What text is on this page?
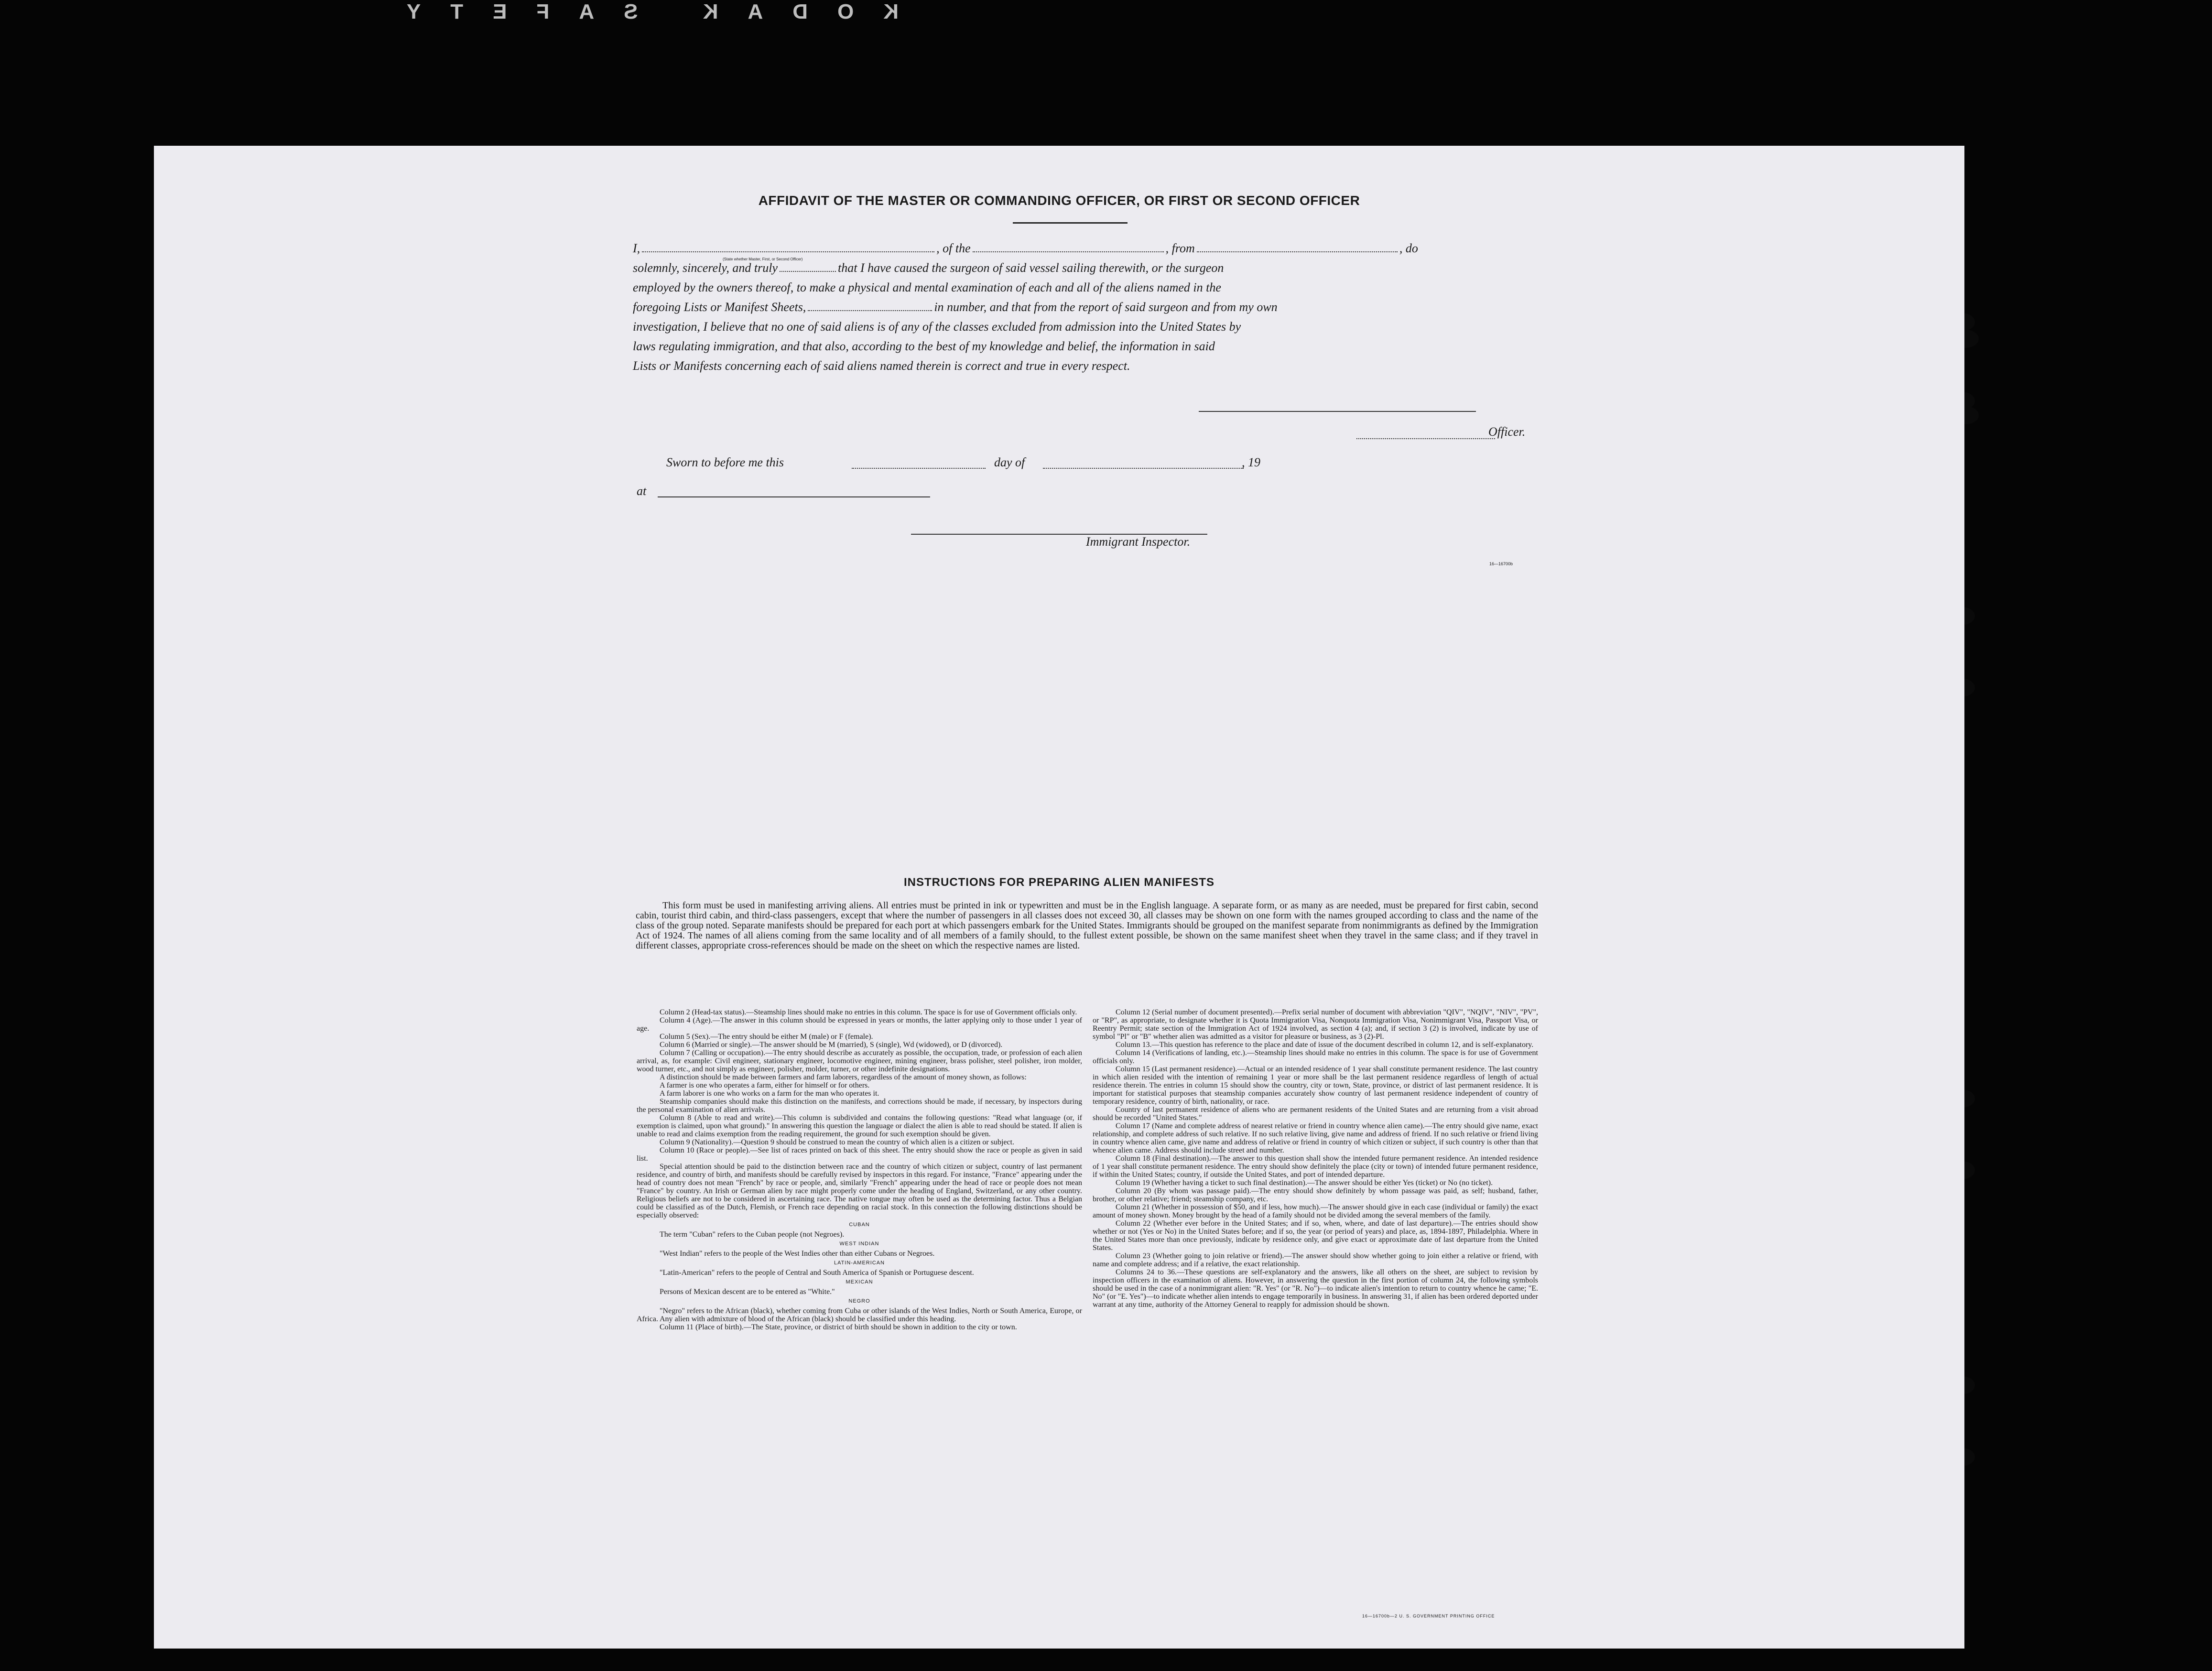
KODAK SAFETY
AFFIDAVIT OF THE MASTER OR COMMANDING OFFICER, OR FIRST OR SECOND OFFICER
I,	, of the	, from	, do
(State whether Master, First, or Second Officer)
solemnly, sincerely, and truly	that I have caused the surgeon of said vessel sailing therewith, or the surgeon
employed by the owners thereof, to make a physical and mental examination of each and all of the aliens named in the
foregoing Lists or Manifest Sheets,	in number, and that from the report of said surgeon and from my own
investigation, I believe that no one of said aliens is of any of the classes excluded from admission into the United States by
laws regulating immigration, and that also, according to the best of my knowledge and belief, the information in said
Lists or Manifests concerning each of said aliens named therein is correct and true in every respect.
Officer.
Sworn to before me this	day of	, 19
at
Immigrant Inspector.
16—16700b
INSTRUCTIONS FOR PREPARING ALIEN MANIFESTS
This form must be used in manifesting arriving aliens. All entries must be printed in ink or typewritten and must be in the English language. A separate form, or as many as are needed, must be prepared for first cabin, second cabin, tourist third cabin, and third-class passengers, except that where the number of passengers in all classes does not exceed 30, all classes may be shown on one form with the names grouped according to class and the name of the class of the group noted. Separate manifests should be prepared for each port at which passengers embark for the United States. Immigrants should be grouped on the manifest separate from nonimmigrants as defined by the Immigration Act of 1924. The names of all aliens coming from the same locality and of all members of a family should, to the fullest extent possible, be shown on the same manifest sheet when they travel in the same class; and if they travel in different classes, appropriate cross-references should be made on the sheet on which the respective names are listed.

Column 2 (Head-tax status).—Steamship lines should make no entries in this column. The space is for use of Government officials only.

Column 4 (Age).—The answer in this column should be expressed in years or months, the latter applying only to those under 1 year of age.

Column 5 (Sex).—The entry should be either M (male) or F (female).

Column 6 (Married or single).—The answer should be M (married), S (single), Wd (widowed), or D (divorced).

Column 7 (Calling or occupation).—The entry should describe as accurately as possible, the occupation, trade, or profession of each alien arrival, as, for example: Civil engineer, stationary engineer, locomotive engineer, mining engineer, brass polisher, steel polisher, iron molder, wood turner, etc., and not simply as engineer, polisher, molder, turner, or other indefinite designations.

A distinction should be made between farmers and farm laborers, regardless of the amount of money shown, as follows:

A farmer is one who operates a farm, either for himself or for others.

A farm laborer is one who works on a farm for the man who operates it.

Steamship companies should make this distinction on the manifests, and corrections should be made, if necessary, by inspectors during the personal examination of alien arrivals.

Column 8 (Able to read and write).—This column is subdivided and contains the following questions: "Read what language (or, if exemption is claimed, upon what ground)." In answering this question the language or dialect the alien is able to read should be stated. If alien is unable to read and claims exemption from the reading requirement, the ground for such exemption should be given.

Column 9 (Nationality).—Question 9 should be construed to mean the country of which alien is a citizen or subject.

Column 10 (Race or people).—See list of races printed on back of this sheet. The entry should show the race or people as given in said list.

Special attention should be paid to the distinction between race and the country of which citizen or subject, country of last permanent residence, and country of birth, and manifests should be carefully revised by inspectors in this regard. For instance, "France" appearing under the head of country does not mean "French" by race or people, and, similarly "French" appearing under the head of race or people does not mean "France" by country. An Irish or German alien by race might properly come under the heading of England, Switzerland, or any other country. Religious beliefs are not to be considered in ascertaining race. The native tongue may often be used as the determining factor. Thus a Belgian could be classified as of the Dutch, Flemish, or French race depending on racial stock. In this connection the following distinctions should be especially observed:

CUBAN

The term "Cuban" refers to the Cuban people (not Negroes).

WEST INDIAN

"West Indian" refers to the people of the West Indies other than either Cubans or Negroes.

LATIN-AMERICAN

"Latin-American" refers to the people of Central and South America of Spanish or Portuguese descent.

MEXICAN

Persons of Mexican descent are to be entered as "White."

NEGRO

"Negro" refers to the African (black), whether coming from Cuba or other islands of the West Indies, North or South America, Europe, or Africa. Any alien with admixture of blood of the African (black) should be classified under this heading.

Column 11 (Place of birth).—The State, province, or district of birth should be shown in addition to the city or town.

Column 12 (Serial number of document presented).—Prefix serial number of document with abbreviation "QIV", "NQIV", "NIV", "PV", or "RP", as appropriate, to designate whether it is Quota Immigration Visa, Nonquota Immigration Visa, Nonimmigrant Visa, Passport Visa, or Reentry Permit; state section of the Immigration Act of 1924 involved, as section 4 (a); and, if section 3 (2) is involved, indicate by use of symbol "Pl" or "B" whether alien was admitted as a visitor for pleasure or business, as 3 (2)-Pl.

Column 13.—This question has reference to the place and date of issue of the document described in column 12, and is self-explanatory.

Column 14 (Verifications of landing, etc.).—Steamship lines should make no entries in this column. The space is for use of Government officials only.

Column 15 (Last permanent residence).—Actual or an intended residence of 1 year shall constitute permanent residence. The last country in which alien resided with the intention of remaining 1 year or more shall be the last permanent residence regardless of length of actual residence therein. The entries in column 15 should show the country, city or town, State, province, or district of last permanent residence. It is important for statistical purposes that steamship companies accurately show country of last permanent residence independent of country of temporary residence, country of birth, nationality, or race.

Country of last permanent residence of aliens who are permanent residents of the United States and are returning from a visit abroad should be recorded "United States."

Column 17 (Name and complete address of nearest relative or friend in country whence alien came).—The entry should give name, exact relationship, and complete address of such relative. If no such relative living, give name and address of friend. If no such relative or friend living in country whence alien came, give name and address of relative or friend in country of which citizen or subject, if such country is other than that whence alien came. Address should include street and number.

Column 18 (Final destination).—The answer to this question shall show the intended future permanent residence. An intended residence of 1 year shall constitute permanent residence. The entry should show definitely the place (city or town) of intended future permanent residence, if within the United States; country, if outside the United States, and port of intended departure.

Column 19 (Whether having a ticket to such final destination).—The answer should be either Yes (ticket) or No (no ticket).

Column 20 (By whom was passage paid).—The entry should show definitely by whom passage was paid, as self; husband, father, brother, or other relative; friend; steamship company, etc.

Column 21 (Whether in possession of $50, and if less, how much).—The answer should give in each case (individual or family) the exact amount of money shown. Money brought by the head of a family should not be divided among the several members of the family.

Column 22 (Whether ever before in the United States; and if so, when, where, and date of last departure).—The entries should show whether or not (Yes or No) in the United States before; and if so, the year (or period of years) and place, as, 1894-1897, Philadelphia. Where in the United States more than once previously, indicate by residence only, and give exact or approximate date of last departure from the United States.

Column 23 (Whether going to join relative or friend).—The answer should show whether going to join either a relative or friend, with name and complete address; and if a relative, the exact relationship.

Columns 24 to 36.—These questions are self-explanatory and the answers, like all others on the sheet, are subject to revision by inspection officers in the examination of aliens. However, in answering the question in the first portion of column 24, the following symbols should be used in the case of a nonimmigrant alien: "R. Yes" (or "R. No")—to indicate alien's intention to return to country whence he came; "E. No" (or "E. Yes")—to indicate whether alien intends to engage temporarily in business. In answering 31, if alien has been ordered deported under warrant at any time, authority of the Attorney General to reapply for admission should be shown.

16—16700b—2 U. S. GOVERNMENT PRINTING OFFICE
